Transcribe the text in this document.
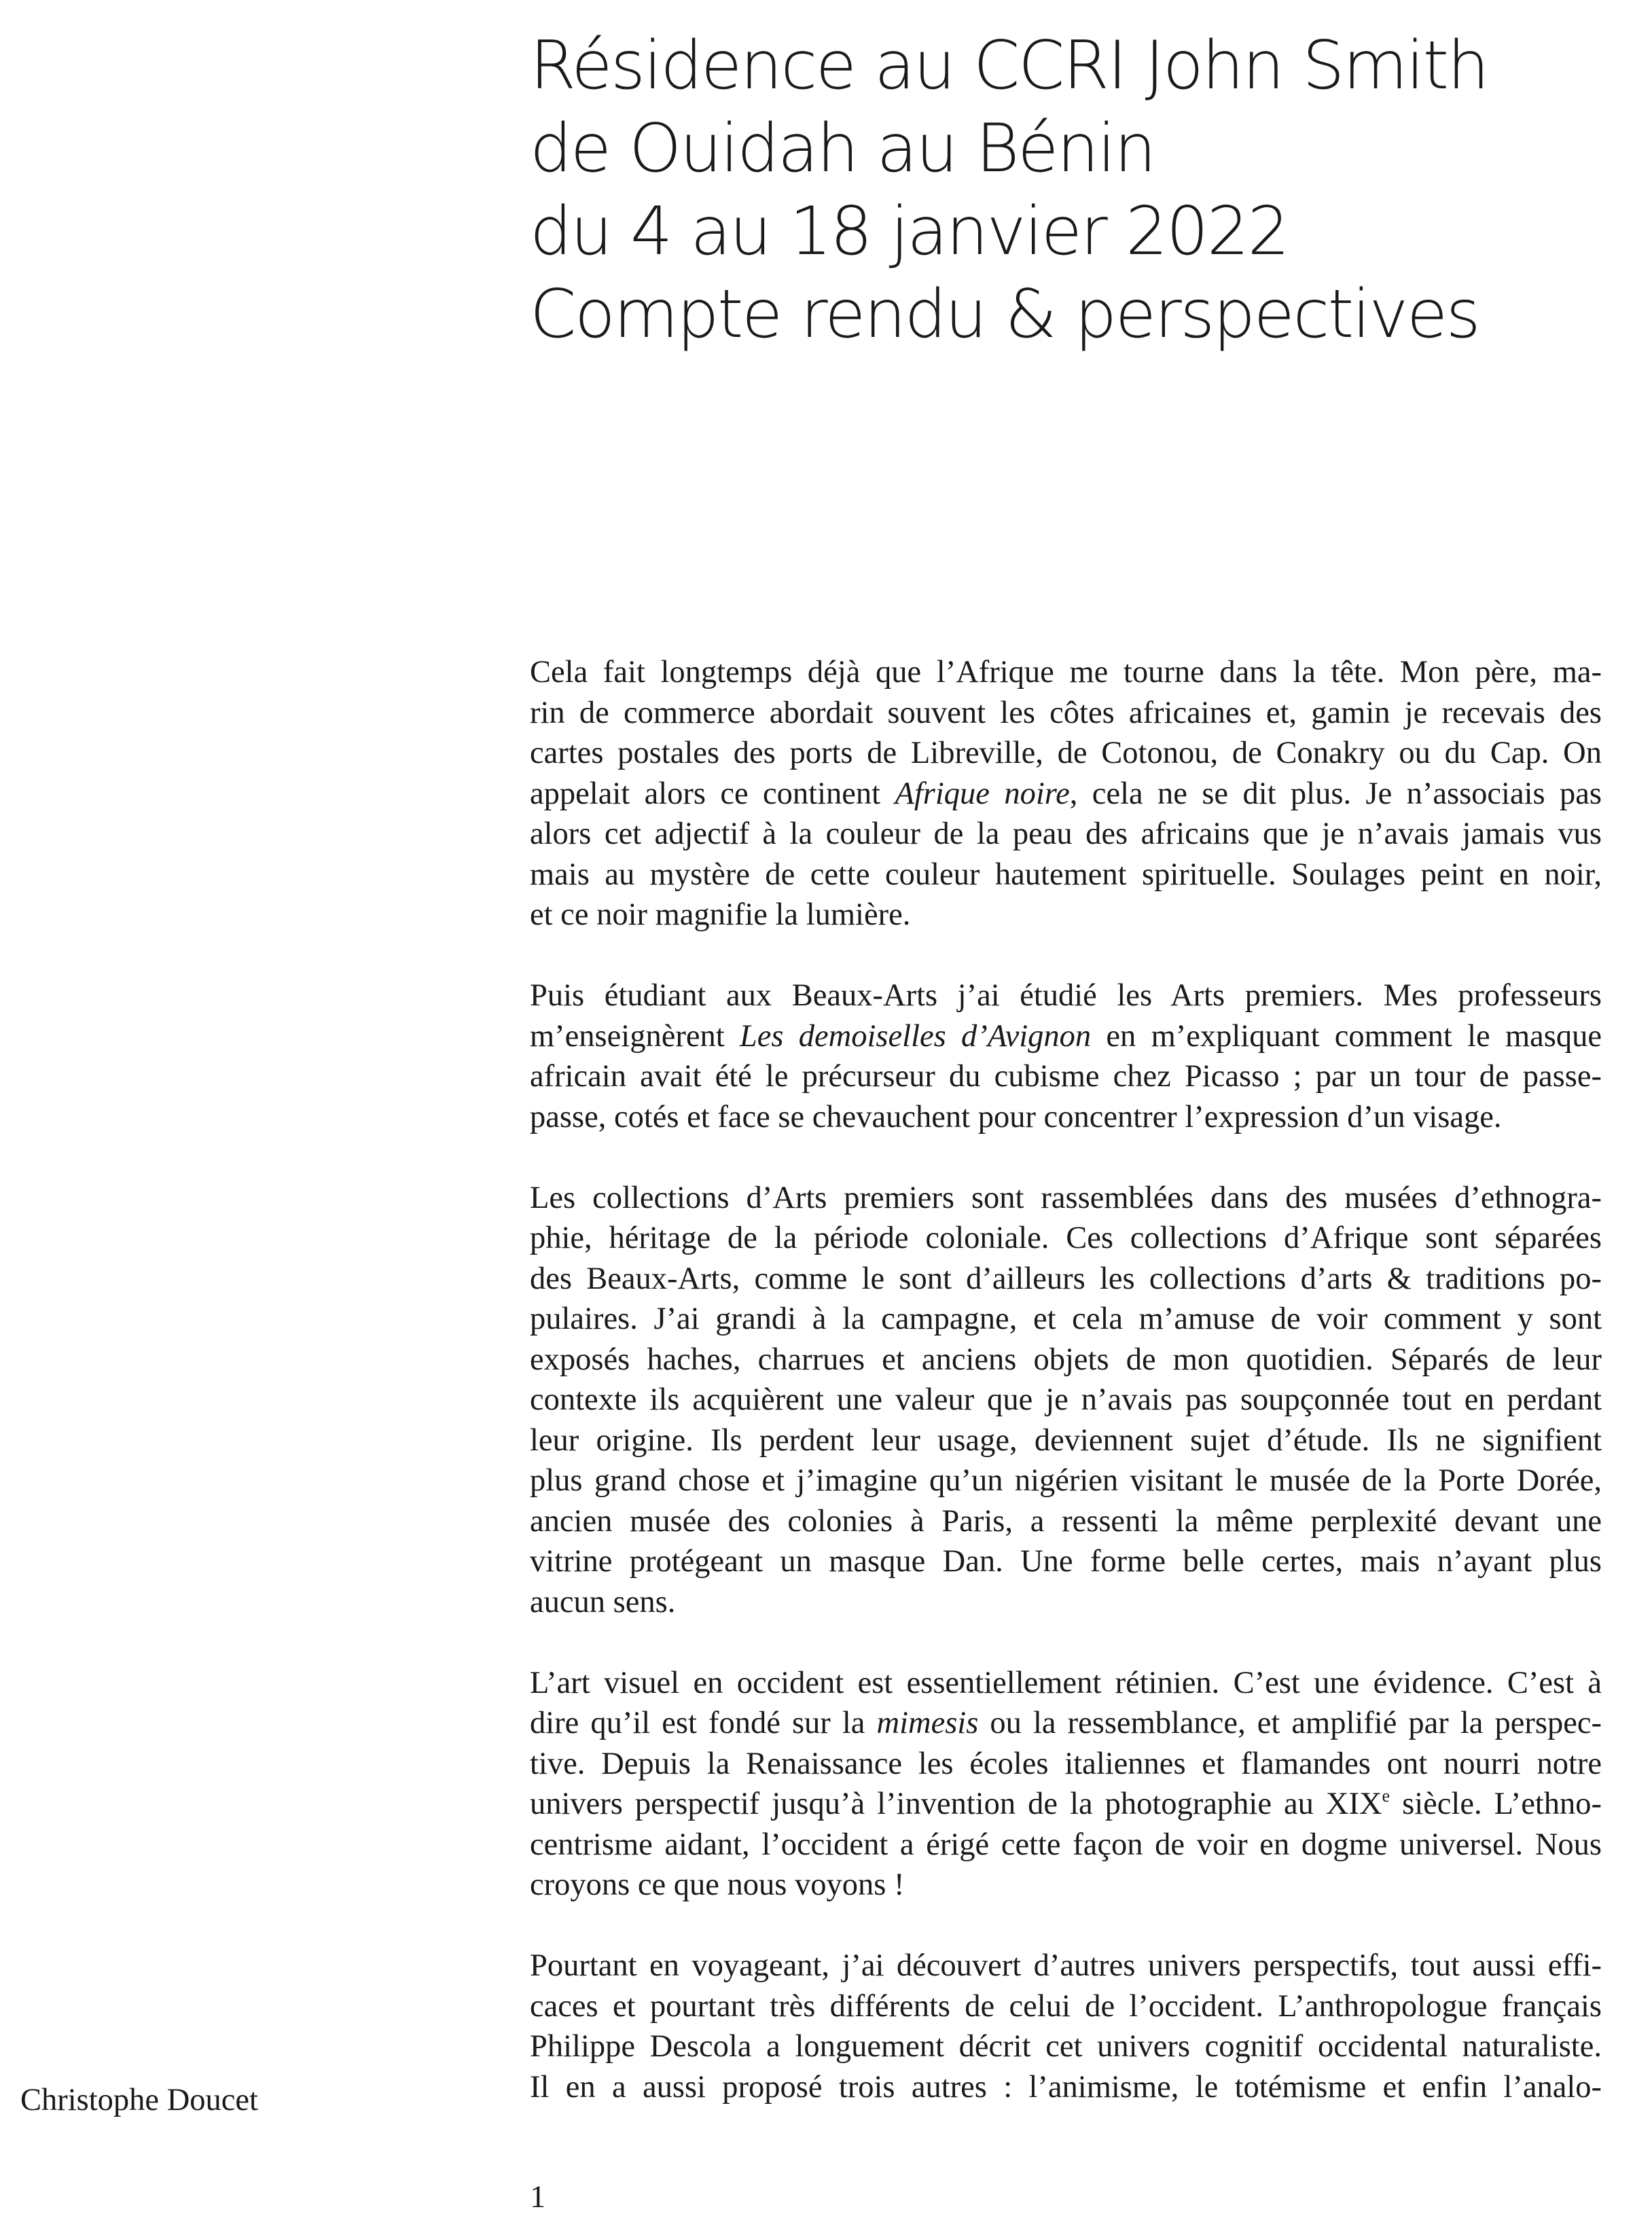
Résidence au CCRI John Smith
de Ouidah au Bénin
du 4 au 18 janvier 2022
Compte rendu & perspectives
Cela fait longtemps déjà que l’Afrique me tourne dans la tête. Mon père, ma-
rin de commerce abordait souvent les côtes africaines et, gamin je recevais des
cartes postales des ports de Libreville, de Cotonou, de Conakry ou du Cap. On
appelait alors ce continent Afrique noire, cela ne se dit plus. Je n’associais pas
alors cet adjectif à la couleur de la peau des africains que je n’avais jamais vus
mais au mystère de cette couleur hautement spirituelle. Soulages peint en noir,
et ce noir magnifie la lumière.
Puis étudiant aux Beaux-Arts j’ai étudié les Arts premiers. Mes professeurs
m’enseignèrent Les demoiselles d’Avignon en m’expliquant comment le masque
africain avait été le précurseur du cubisme chez Picasso ; par un tour de passe-
passe, cotés et face se chevauchent pour concentrer l’expression d’un visage.
Les collections d’Arts premiers sont rassemblées dans des musées d’ethnogra-
phie, héritage de la période coloniale. Ces collections d’Afrique sont séparées
des Beaux-Arts, comme le sont d’ailleurs les collections d’arts & traditions po-
pulaires. J’ai grandi à la campagne, et cela m’amuse de voir comment y sont
exposés haches, charrues et anciens objets de mon quotidien. Séparés de leur
contexte ils acquièrent une valeur que je n’avais pas soupçonnée tout en perdant
leur origine. Ils perdent leur usage, deviennent sujet d’étude. Ils ne signifient
plus grand chose et j’imagine qu’un nigérien visitant le musée de la Porte Dorée,
ancien musée des colonies à Paris, a ressenti la même perplexité devant une
vitrine protégeant un masque Dan. Une forme belle certes, mais n’ayant plus
aucun sens.
L’art visuel en occident est essentiellement rétinien. C’est une évidence. C’est à
dire qu’il est fondé sur la mimesis ou la ressemblance, et amplifié par la perspec-
tive. Depuis la Renaissance les écoles italiennes et flamandes ont nourri notre
univers perspectif jusqu’à l’invention de la photographie au XIXe siècle. L’ethno-
centrisme aidant, l’occident a érigé cette façon de voir en dogme universel. Nous
croyons ce que nous voyons !
Pourtant en voyageant, j’ai découvert d’autres univers perspectifs, tout aussi effi-
caces et pourtant très différents de celui de l’occident. L’anthropologue français
Philippe Descola a longuement décrit cet univers cognitif occidental naturaliste.
Il en a aussi proposé trois autres : l’animisme, le totémisme et enfin l’analo-
Christophe Doucet
1
